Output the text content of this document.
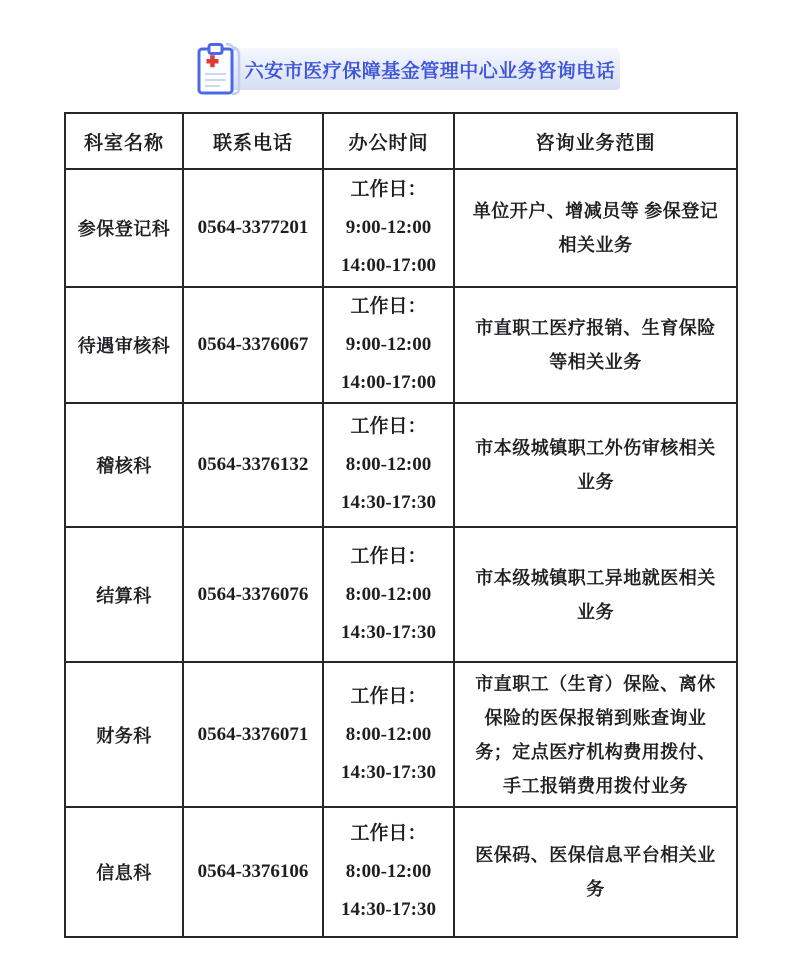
六安市医疗保障基金管理中心业务咨询电话
科室名称	联系电话	办公时间	咨询业务范围
参保登记科	0564-3377201	工作日：
9:00-12:00
14:00-17:00	单位开户、增减员等 参保登记相关业务
待遇审核科	0564-3376067	工作日：
9:00-12:00
14:00-17:00	市直职工医疗报销、生育保险等相关业务
稽核科	0564-3376132	工作日：
8:00-12:00
14:30-17:30	市本级城镇职工外伤审核相关业务
结算科	0564-3376076	工作日：
8:00-12:00
14:30-17:30	市本级城镇职工异地就医相关业务
财务科	0564-3376071	工作日：
8:00-12:00
14:30-17:30	市直职工（生育）保险、离休保险的医保报销到账查询业务；定点医疗机构费用拨付、手工报销费用拨付业务
信息科	0564-3376106	工作日：
8:00-12:00
14:30-17:30	医保码、医保信息平台相关业务
